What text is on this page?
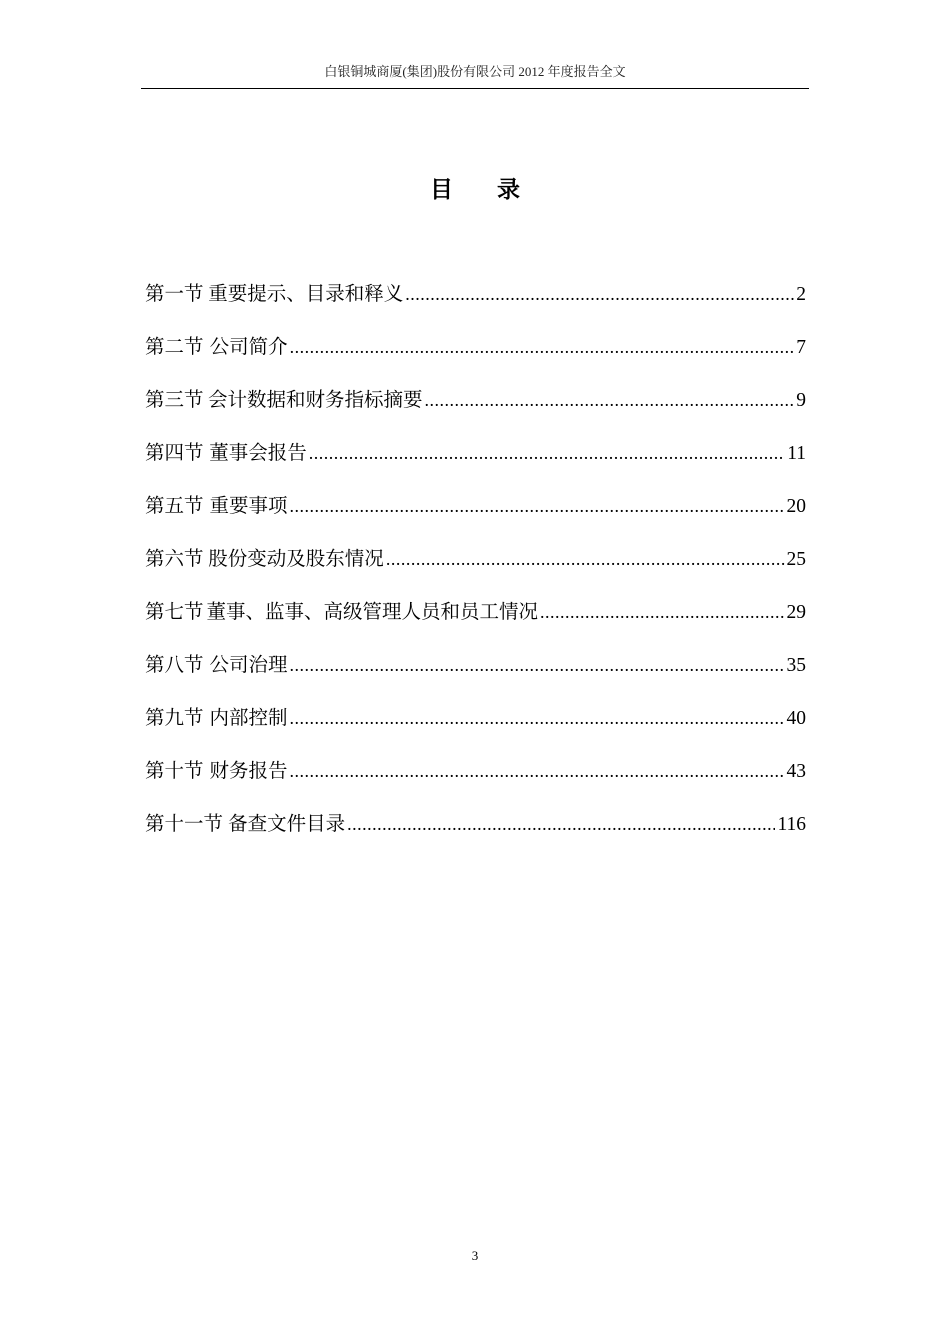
白银铜城商厦(集团)股份有限公司 2012 年度报告全文
目录
第一节 重要提示、目录和释义 .....	2
第二节 公司简介 .....	7
第三节 会计数据和财务指标摘要 .....	9
第四节 董事会报告 .....	11
第五节 重要事项 .....	20
第六节 股份变动及股东情况 .....	25
第七节 董事、监事、高级管理人员和员工情况 .....	29
第八节 公司治理 .....	35
第九节 内部控制 .....	40
第十节 财务报告 .....	43
第十一节 备查文件目录 .....	116
3
